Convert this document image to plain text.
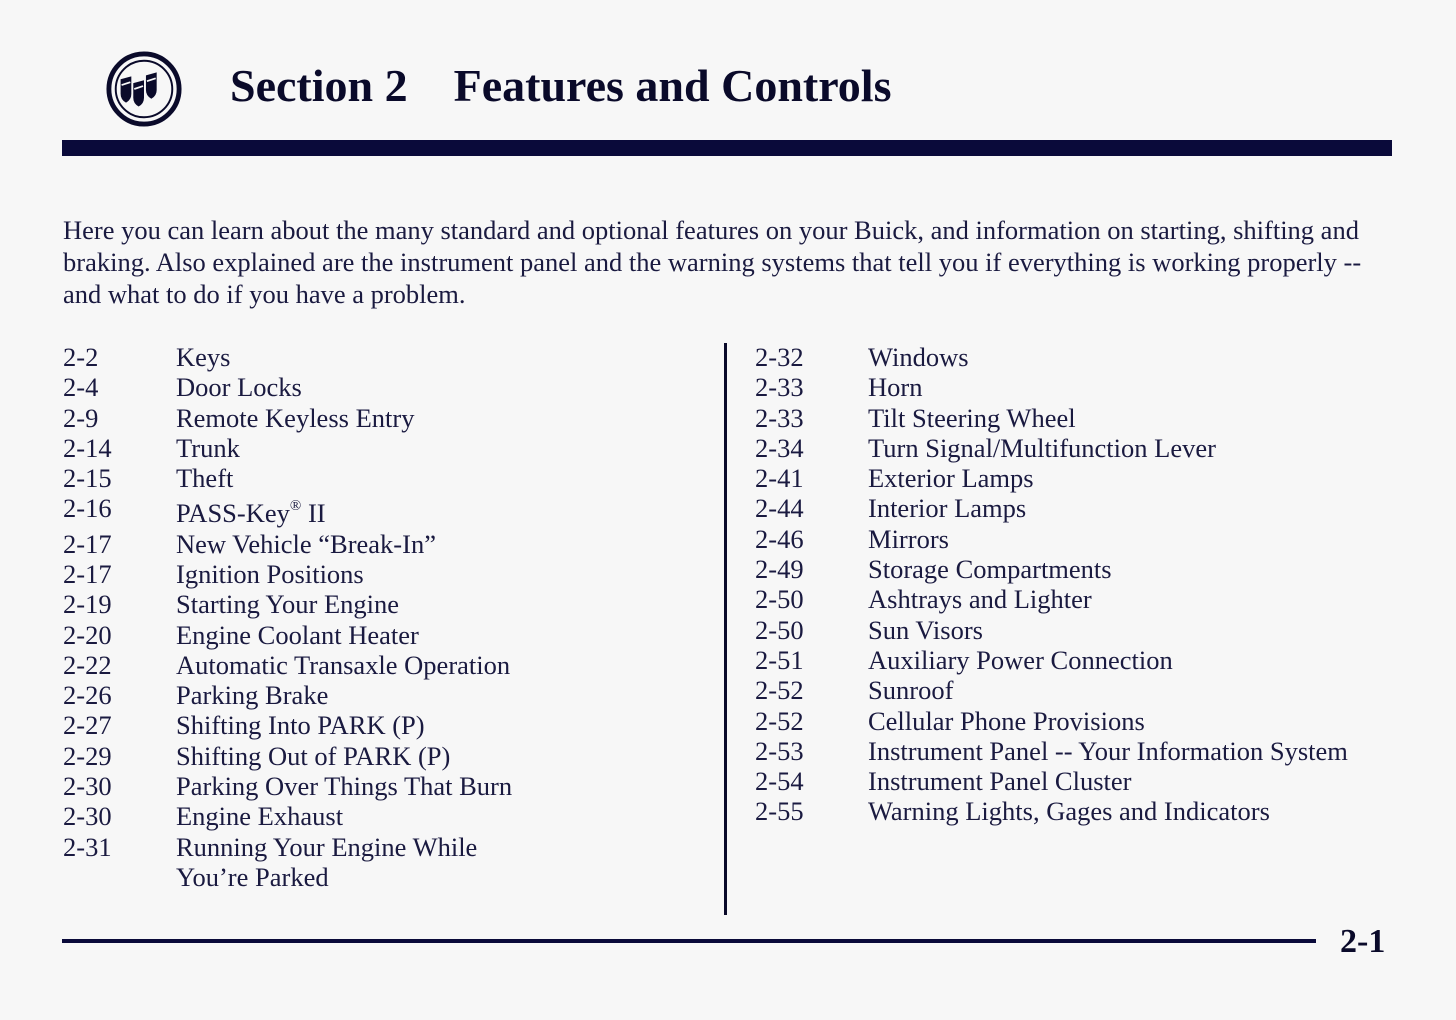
Section 2 Features and Controls

Here you can learn about the many standard and optional features on your Buick, and information on starting, shifting and braking. Also explained are the instrument panel and the warning systems that tell you if everything is working properly -- and what to do if you have a problem.

2-2	Keys
2-4	Door Locks
2-9	Remote Keyless Entry
2-14	Trunk
2-15	Theft
2-16	PASS-Key® II
2-17	New Vehicle “Break-In”
2-17	Ignition Positions
2-19	Starting Your Engine
2-20	Engine Coolant Heater
2-22	Automatic Transaxle Operation
2-26	Parking Brake
2-27	Shifting Into PARK (P)
2-29	Shifting Out of PARK (P)
2-30	Parking Over Things That Burn
2-30	Engine Exhaust
2-31	Running Your Engine While
You’re Parked
2-32	Windows
2-33	Horn
2-33	Tilt Steering Wheel
2-34	Turn Signal/Multifunction Lever
2-41	Exterior Lamps
2-44	Interior Lamps
2-46	Mirrors
2-49	Storage Compartments
2-50	Ashtrays and Lighter
2-50	Sun Visors
2-51	Auxiliary Power Connection
2-52	Sunroof
2-52	Cellular Phone Provisions
2-53	Instrument Panel -- Your Information System
2-54	Instrument Panel Cluster
2-55	Warning Lights, Gages and Indicators

2-1
